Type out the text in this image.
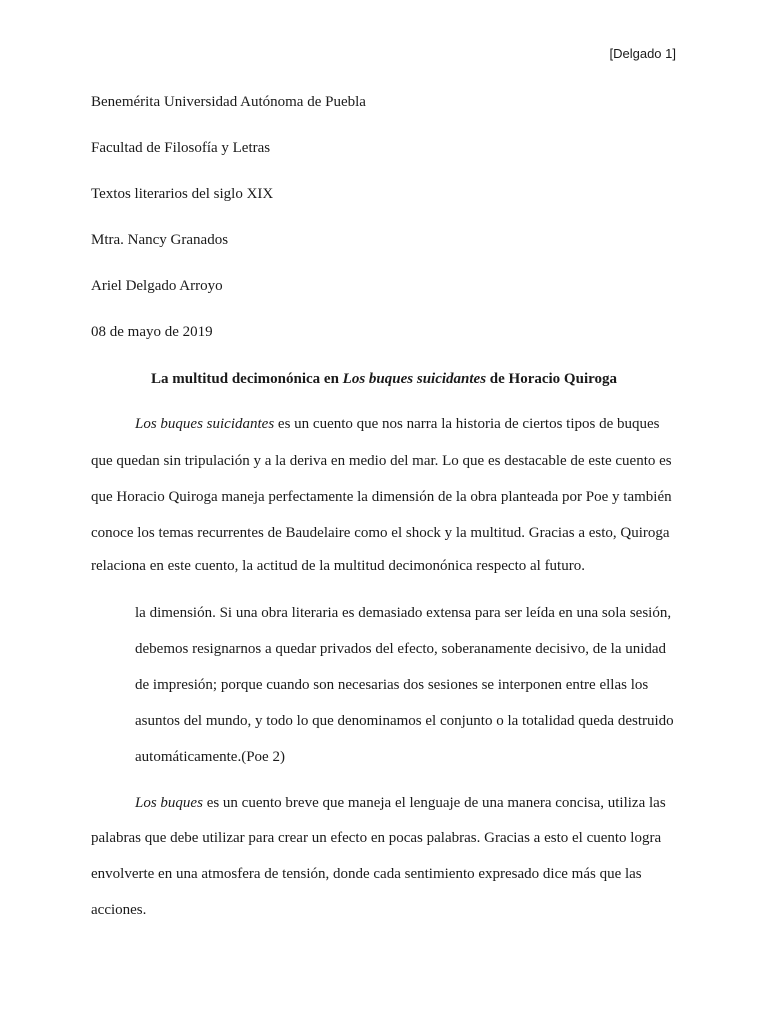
[Delgado 1]
Benemérita Universidad Autónoma de Puebla
Facultad de Filosofía y Letras
Textos literarios del siglo XIX
Mtra. Nancy Granados
Ariel Delgado Arroyo
08 de mayo de 2019
La multitud decimonónica en Los buques suicidantes de Horacio Quiroga
Los buques suicidantes es un cuento que nos narra la historia de ciertos tipos de buques
que quedan sin tripulación y a la deriva en medio del mar. Lo que es destacable de este cuento es
que Horacio Quiroga maneja perfectamente la dimensión de la obra planteada por Poe y también
conoce los temas recurrentes de Baudelaire como el shock y la multitud. Gracias a esto, Quiroga
relaciona en este cuento, la actitud de la multitud decimonónica respecto al futuro.
la dimensión. Si una obra literaria es demasiado extensa para ser leída en una sola sesión,
debemos resignarnos a quedar privados del efecto, soberanamente decisivo, de la unidad
de impresión; porque cuando son necesarias dos sesiones se interponen entre ellas los
asuntos del mundo, y todo lo que denominamos el conjunto o la totalidad queda destruido
automáticamente.(Poe 2)
Los buques es un cuento breve que maneja el lenguaje de una manera concisa, utiliza las
palabras que debe utilizar para crear un efecto en pocas palabras. Gracias a esto el cuento logra
envolverte en una atmosfera de tensión, donde cada sentimiento expresado dice más que las
acciones.
